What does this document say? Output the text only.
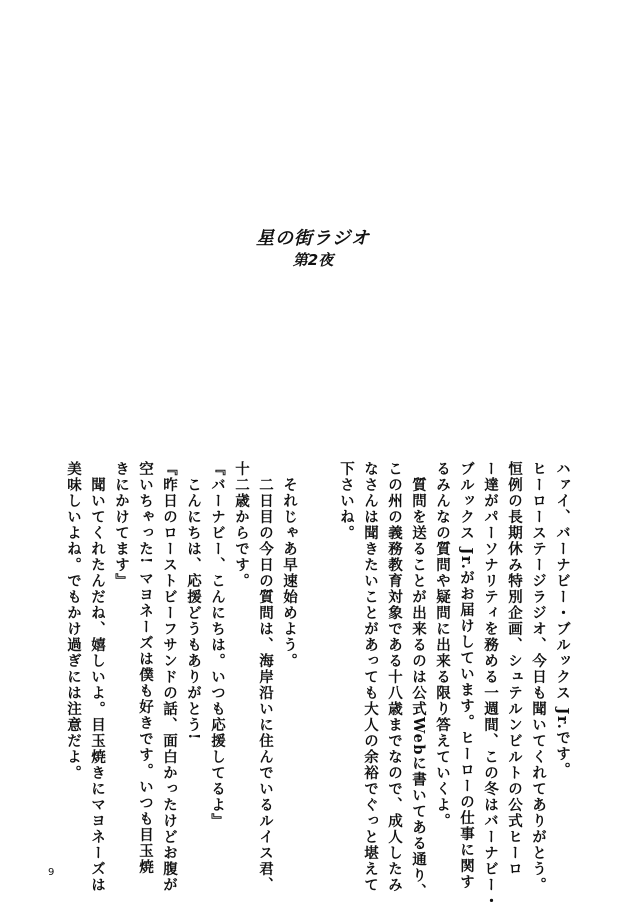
星の街ラジオ
第2夜
ハァイ、バーナビー・ブルックス Jr.です。
ヒーローステージラジオ、今日も聞いてくれてありがとう。
恒例の長期休み特別企画、シュテルンビルトの公式ヒーロ
ー達がパーソナリティを務める一週間、この冬はバーナビー・
ブルックス Jr.がお届けしています。ヒーローの仕事に関す
るみんなの質問や疑問に出来る限り答えていくよ。
　質問を送ることが出来るのは公式Webに書いてある通り、
この州の義務教育対象である十八歳までなので、成人したみ
なさんは聞きたいことがあっても大人の余裕でぐっと堪えて
下さいね。
　それじゃあ早速始めよう。
　二日目の今日の質問は、海岸沿いに住んでいるルイス君、
十二歳からです。
『バーナビー、こんにちは。いつも応援してるよ』
　こんにちは、応援どうもありがとう!
『昨日のローストビーフサンドの話、面白かったけどお腹が
空いちゃった! マヨネーズは僕も好きです。いつも目玉焼
きにかけてます』
　聞いてくれたんだね、嬉しいよ。目玉焼きにマヨネーズは
美味しいよね。でもかけ過ぎには注意だよ。
9
